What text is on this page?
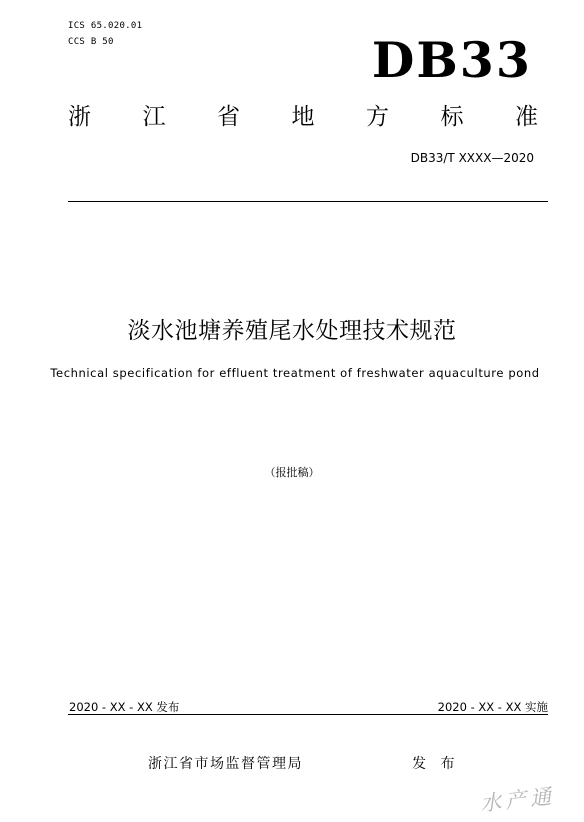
ICS 65.020.01
CCS B 50	DB33
浙 江 省 地 方 标 准
DB33/T XXXX—2020
淡水池塘养殖尾水处理技术规范
Technical specification for effluent treatment of freshwater aquaculture pond
（报批稿）
2020 - XX - XX 发布	2020 - XX - XX 实施
浙江省市场监督管理局	发 布
水产通
